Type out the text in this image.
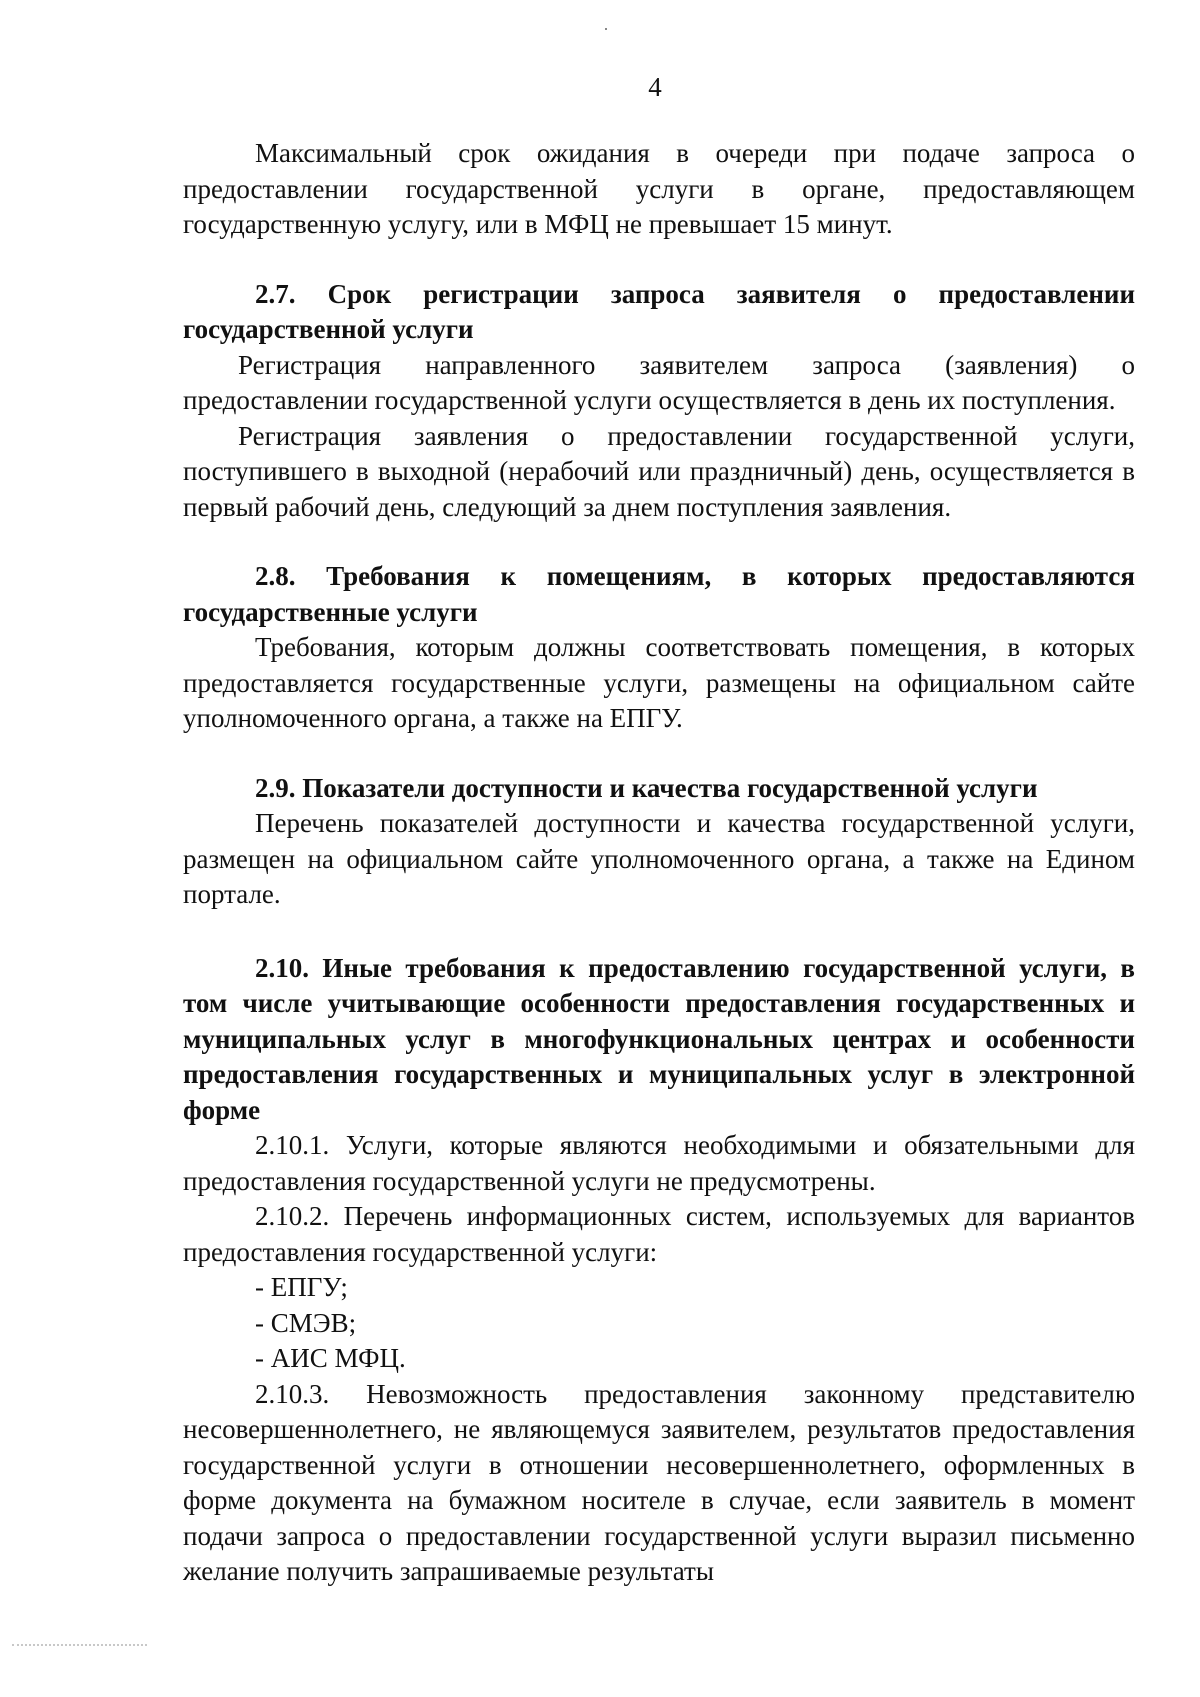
4

Максимальный срок ожидания в очереди при подаче запроса о предоставлении государственной услуги в органе, предоставляющем государственную услугу, или в МФЦ не превышает 15 минут.

2.7. Срок регистрации запроса заявителя о предоставлении государственной услуги

Регистрация направленного заявителем запроса (заявления) о предоставлении государственной услуги осуществляется в день их поступления.

Регистрация заявления о предоставлении государственной услуги, поступившего в выходной (нерабочий или праздничный) день, осуществляется в первый рабочий день, следующий за днем поступления заявления.

2.8. Требования к помещениям, в которых предоставляются государственные услуги

Требования, которым должны соответствовать помещения, в которых предоставляется государственные услуги, размещены на официальном сайте уполномоченного органа, а также на ЕПГУ.

2.9. Показатели доступности и качества государственной услуги

Перечень показателей доступности и качества государственной услуги, размещен на официальном сайте уполномоченного органа, а также на Едином портале.

2.10. Иные требования к предоставлению государственной услуги, в том числе учитывающие особенности предоставления государственных и муниципальных услуг в многофункциональных центрах и особенности предоставления государственных и муниципальных услуг в электронной форме

2.10.1. Услуги, которые являются необходимыми и обязательными для предоставления государственной услуги не предусмотрены.

2.10.2. Перечень информационных систем, используемых для вариантов предоставления государственной услуги:

- ЕПГУ;

- СМЭВ;

- АИС МФЦ.

2.10.3. Невозможность предоставления законному представителю несовершеннолетнего, не являющемуся заявителем, результатов предоставления государственной услуги в отношении несовершеннолетнего, оформленных в форме документа на бумажном носителе в случае, если заявитель в момент подачи запроса о предоставлении государственной услуги выразил письменно желание получить запрашиваемые результаты
